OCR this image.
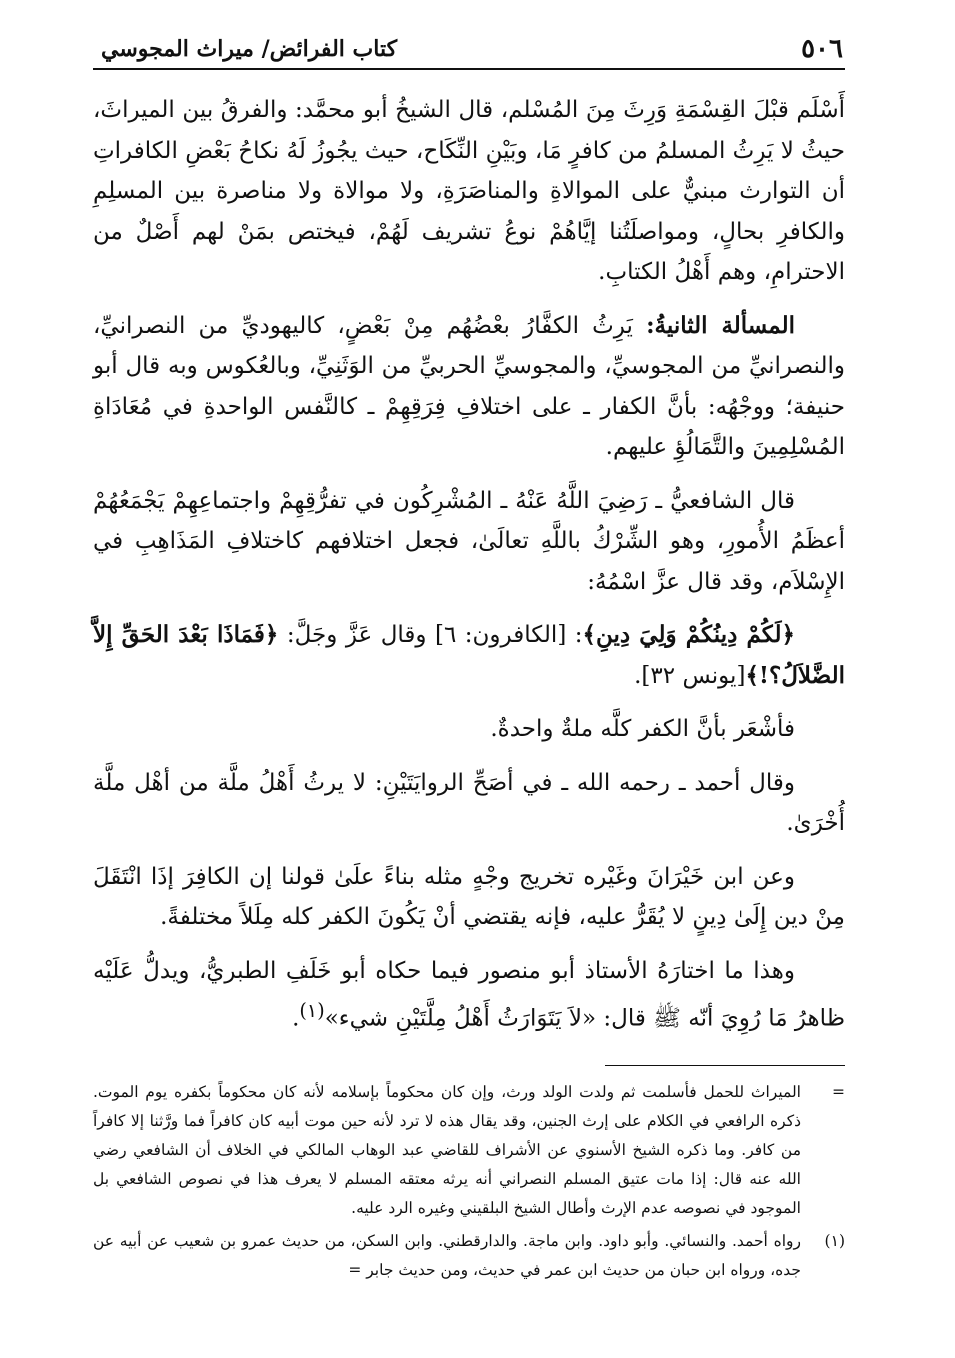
٥٠٦
كتاب الفرائض/ ميراث المجوسي

أَسْلَم قبْلَ القِسْمَةِ وَرِثَ مِنَ المُسْلم، قال الشيخُ أبو محمَّد: والفرقُ بين الميراثَ، حيثُ لا يَرِثُ المسلمُ من كافرٍ مَا، وبَيْنِ النِّكَاح، حيث يجُوزُ لَهُ نكاحُ بَعْضِ الكافراتِ أن التوارث مبنيٌّ على الموالاةِ والمناصَرَةِ، ولا موالاة ولا مناصرة بين المسلِمِ والكافرِ بحالٍ، ومواصلَتُنا إيَّاهُمْ نوعُ تشريف لَهُمْ، فيختص بمَنْ لهم أَصْلٌ من الاحترامِ، وهم أَهْلُ الكتابِ.

المسألة الثانيةُ: يَرِثُ الكفَّارُ بعْضُهُم مِنْ بَعْضٍ، كاليهوديِّ من النصرانيِّ، والنصرانيِّ من المجوسيِّ، والمجوسيِّ الحربيِّ من الوَثَنِيِّ، وبالعُكوس وبه قال أبو حنيفة؛ ووجْهُه: بأنَّ الكفار ـ على اختلافِ فِرَقِهِمْ ـ كالنَّفس الواحدةِ في مُعَادَاةِ المُسْلِمِينَ والتَّمَالُؤِ عليهم.

قال الشافعيُّ ـ رَضِيَ اللَّهُ عَنْهُ ـ المُشْرِكُون في تفرُّقِهِمْ واجتماعِهِمْ يَجْمَعُهُمْ أعظَمُ الأُمورِ، وهو الشِّرْكُ باللَّهِ تعالَىٰ، فجعل اختلافهم كاختلافِ المَذَاهِبِ في الإِسْلاَم، وقد قال عزَّ اسْمُهُ:

﴿لَكُمْ دِينُكُمْ وَلِيَ دِينِ﴾: [الكافرون: ٦] وقال عَزَّ وجَلَّ: ﴿فَمَاذَا بَعْدَ الحَقِّ إِلاَّ الضَّلاَلُ؟!﴾[يونس ٣٢].

فأشْعَر بأنَّ الكفر كلَّه ملةٌ واحدةٌ.

وقال أحمد ـ رحمه الله ـ في أصَحِّ الروايَتَيْنِ: لا يرثُ أَهْلُ ملَّة من أهْل ملَّة أُخْرَىٰ.

وعن ابن خَيْرَانَ وغَيْره تخريج وجْهٍ مثله بناءً علَىٰ قولنا إن الكافِرَ إذَا انْتَقَلَ مِنْ دين إِلَىٰ دِينٍ لا يُقَرُّ عليه، فإنه يقتضي أنْ يَكُونَ الكفر كله مِلَلاً مختلفةً.

وهذا ما اختارَهُ الأستاذ أبو منصور فيما حكاه أبو خَلَفِ الطبريُّ، ويدلُّ عَلَيْه ظاهرُ مَا رُوِيَ أنّه ﷺ قال: «لاَ يَتَوَارَثُ أَهْلُ مِلَّتَيْنِ شيء»$^{(١)}$.

=
الميراث للحمل فأسلمت ثم ولدت الولد ورث، وإن كان محكوماً بإسلامه لأنه كان محكوماً بكفره يوم الموت. ذكره الرافعي في الكلام على إرث الجنين، وقد يقال هذه لا ترد لأنه حين موت أبيه كان كافراً فما ورَّثنا إلا كافراً من كافر. وما ذكره الشيخ الأسنوي عن الأشراف للقاضي عبد الوهاب المالكي في الخلاف أن الشافعي رضي الله عنه قال: إذا مات عتيق المسلم النصراني أنه يرثه معتقه المسلم لا يعرف هذا في نصوص الشافعي بل الموجود في نصوصه عدم الإرث وأطال الشيخ البلقيني وغيره الرد عليه.
(١)
رواه أحمد. والنسائي. وأبو داود. وابن ماجة. والدارقطني. وابن السكن، من حديث عمرو بن شعيب عن أبيه عن جده، ورواه ابن حبان من حديث ابن عمر في حديث، ومن حديث جابر =
